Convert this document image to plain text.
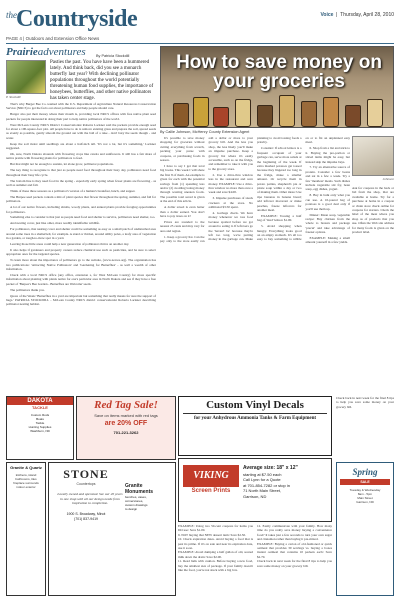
the Countryside	Voice  |  Thursday, April 28, 2010
PAGE 4 | Outdoors and Extension Office News
Prairieadventures
P. Stockdill
Pasties the past. You have have been a hummered lately. And think back, did you see a monarch butterfly last year? With declining pollinator populations throughout the world potentially threatening human food supplies, the importance of honeybees, butterflies, and other native pollinators has taken center stage.
By Patricia Stockdill

That's why Burger Bee Co. teamed with the U.S. Department of Agriculture Natural Resources Conservation Service (NRCS) to get the facts out about pollinators and help people should care.

Burger also put their money where their mouth is, providing local NRCS offices with free native plant seed packets for people interested in doing their part to help native pollinators of the world.

West McLean County NRCS District Conservationist Roberta Lackner said the packets provide enough seed for about a 100-square-foot plot. All people have to do is remove existing grass and prepare the soil, spread seeds as evenly as possible, gently smooth the ground out with the ball of a rake - don't bury the seeds though - and water.

Keep the soil moist until seedlings are about a half-inch tall. 'It's not a lot, but it's something,' Lackner suggested.

Oh, sure, North Dakota abounds with flowering crops like canola and sunflowers. It still has a fair share of native prairie with flowering plants for pollinators to feed.

But that might not be enough to sustain, let alone grow, pollinator populations.

The key thing to recognize is that just as people need food throughout their busy day, pollinators need food throughout their busy life cycle.

The bottom line is they need food in the spring - especially early spring when fewer plants are flowering - as well as summer and fall.

Think of these three seasons as a pollinator's version of a human's breakfast, lunch, and supper.

The Burpee seed packets contain a mix of plant species that flower throughout the spring, summer, and fall for pollinators.

A lot of our native flowers, including shrubs, woody plants, and annual plants provide foraging opportunities for pollinators.

Something else to consider is that just as people need food and shelter to survive, pollinators need shelter, too.

And nesting cover, just like other, more readily identifiable wildlife.

For pollinators, that nesting cover and shelter could be something as easy as a small patch of undisturbed area around some trees in a shelterbelt, for example. A stand or thicket, around utility poles, a leafy area of vegetation in a garden, or tough-to-mow spot in a yard.

Leaving those little areas could help a new generation of pollinators thrive on another day.

It also helps if gardeners and property owners reduce chemical use such as pesticides, and be sure to select appropriate ones for the targeted species.

To learn more about the importance of pollinators go to the website, (www.xerces.org). The organization has two publications: 'Attracting Native Pollinators' and 'Gardening for Butterflies' - as well a wealth of other information.

Check with a local NRCS office (any office, extension s, for West McLean County) for more specific information about planting with plants native for one's particular area in North Dakota and see if they have a free packet of 'Burpee's Bee Garden - Butterflies are Welcome' seeds.

The pollinators thank you.

Quote of the Week: 'Butterflies in a yard are important but something that really means for sure the support of bugs.' PATRICIA STOCKDILL - McLean County NRCS district conservationist Roberta Lackner describing pollinator nesting habitat.

How to save money on your groceries
By Callie Johnson, McHenry County Extension Agent

It's possible to save money shopping for groceries without cutting everything from scratch, packing your purse with coupons, or purchasing foods in season.

I have to say I get that total big books. This week I will share the first 8 of them. An example is given for each with the potential savings from (1) spending less and/or (2) avoiding losing money through wasting uneaten foods. The possible total saved is given at the end of this article.

A dollar saved is even better than a dollar earned. You don't have to pay taxes on it!

Prices are rounded to the nearest 25 cents and may vary for area and region.

1. Keep a grocery list. Can the pay only to the store easily can add a dollar or more to your grocery bill. And the less you shop, the less likely you'll make an impulse purchase. Keep a grocery list where it's easily accessible, such as on the fridge, and remember to take it with you to the grocery store.

2. Use a drive-thru window less in the restaurant and save money. EXAMPLE: Use a drive-thru window no more than once a week and save $4.00.

3. Impulse purchases of snack crackers at the store. No additional $3.50 spent.

4. Garbage check. We have money whenever we toss food because spoiled before we got around to eating it. If leftovers go the 'haven't be' because they're left too long, we're putting money in the garbage can. Make planning to avoid tossing foods a priority.

Consider: If school lettuce is a frequent occupant of your garbage can, serve more salads at the beginning of the week. If extra mashed potatoes get tossed because they lingered too long in the fridge, make a smaller amount. Or recycle them in potato patties, shepherd's pie or pirate soup within a day or two of making them. Other ideas: Use ripe bananas in banana bread; add leftover macaroni or make peaches, freeze leftovers for another meal.

EXAMPLE: Tossing a half bag of 'tired' lettuce $1.00.

5. Avoid shopping when hungry. Everything looks good on an empty stomach. It's all too easy to buy something to nibble on or to fix an unplanned easy meal.

6. Shop from a list and stick to it. Buying the pre-portion or sliced items might be easy, but instead skip the impulse buys.

7. Try an alternative source of protein. Consider a few beans and sat in a few a week. Try a few 'meatless' meals. Such dishes include vegetable stir fry, bean soup, egg dishes, yogurt.

8. Buy in bulk only what you can use. A 10-pound bag of potatoes is a good deal only if you'll use them up.

Dinner: Mean soup, vegetable recipe: Buy chicken from the whole to breasts and package 'precut' and take advantage of freezer options.

EXAMPLE: Making a small amount yourself in a few yields.

Johnson

Ask for coupons in the back or bid from the shop, that are available at home. Try for a purchase at home in a coupon or chain store check online for coupons for starters. Check the label of the meat where you shop as of products that you use. Often the Web site address for many foods is given on the product label.

DAKOTA
TACKLE
Custom Rods
Boats
Tackle
Hunting Supplies
Washburn, ND
Red Tag Sale!
Save on items marked with red tags
are 20% OFF
701-221-3262
Granite & Quartz
kitchens, island
bathrooms, tiles
fireplace surrounds
indoor exterior
STONE
Countertops
Locally owned and operated. See our 20 years in one shop with all our design needs from inspiration to completion.
1900 S. Broadway, Minot
(701) 837-9419
Granite Monuments
benches, vases,
cornerstones,
custom drawings
to design
Custom Vinyl Decals
for your Anhydrous Ammonia Tanks & Farm Equipment
VIKING
Screen Prints
Average size: 18" x 12"
starting at $7.50 each
Call Lynn for a Quote
at 701-854-7282 or stop in
71 North Main Street,
Garrison, ND

Check back in next week for the final 8 tips to help you save some money on your grocery bill.

Spring
SALE
Tuesday & Wednesday
8am - 5pm
Main Street
Garrison, ND

EXAMPLE: Using two 50-cent coupons for items you DO use: Save $1.00.

9. NOT buying that NEW dessert item: Save $2.50.

10. Check expiration dates. Avoid buying a food that is past its prime. If it's on sale and near its expiration date, use it soon.

EXAMPLE: Avoid dumping a half gallon of old, soured milk down the drain: Save $2.00.

11. Read bulk with caution. Before buying a new food, buy the smallest size of package. If your family doesn't like the food, you're not stuck with a big box.

12. Easily communicate with your family. How many time do you really save money buying a convenience food? It takes just a few seconds to turn your own sugar and cinnamon rather than buying it pre-mixed.

EXAMPLE: Buying a carton of old-fashioned or quick oatmeal that provides 30 servings vs. buying a boxes instant oatmeal that contains 10 packets each: Save $2.70.

Check back in next week for the final 8 tips to help you save some money on your grocery bill.
